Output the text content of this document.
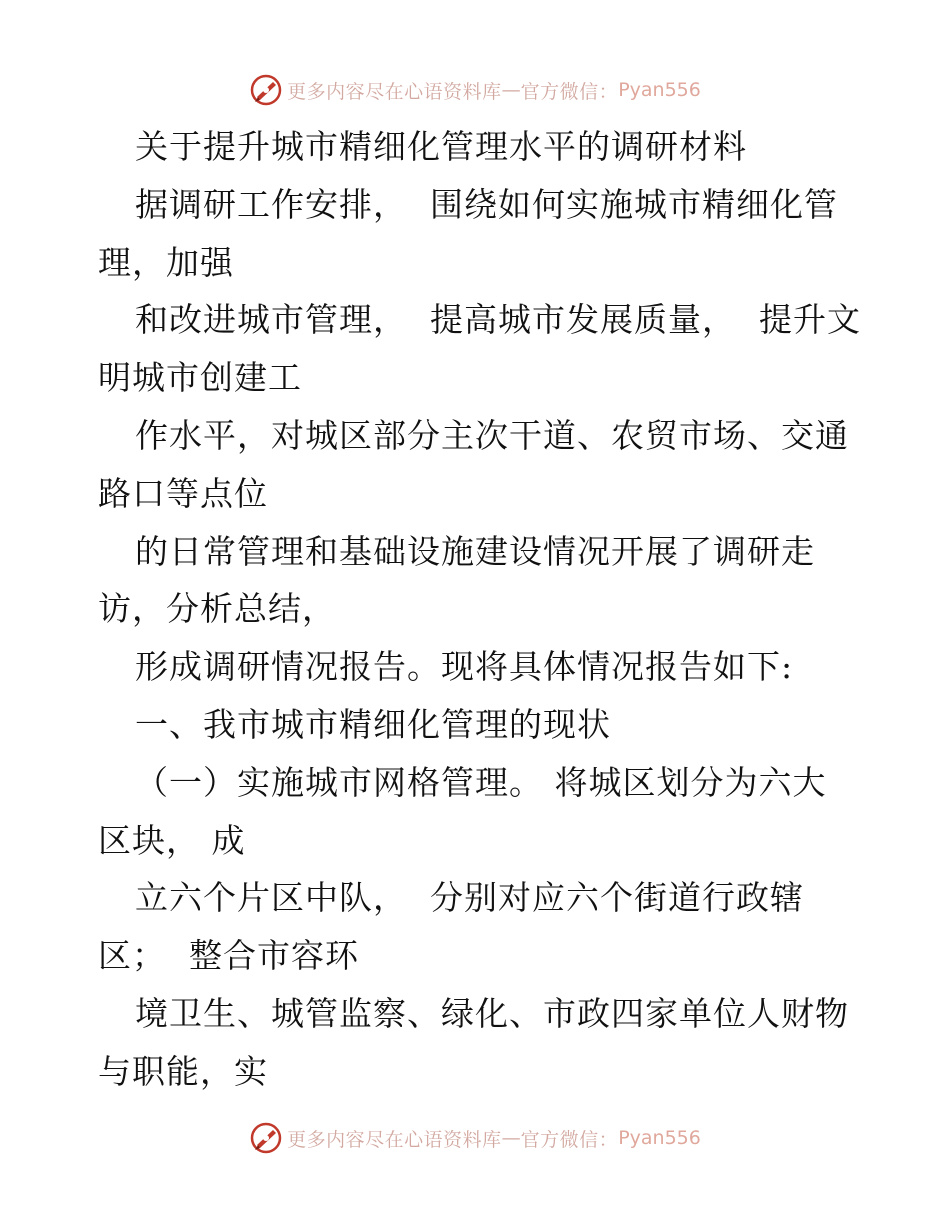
更多内容尽在心语资料库 — 官方微信： Pyan556
关于提升城市精细化管理水平的调研材料
据调研工作安排，  围绕如何实施城市精细化管
理，加强
和改进城市管理，  提高城市发展质量，  提升文
明城市创建工
作水平，对城区部分主次干道、农贸市场、交通
路口等点位
的日常管理和基础设施建设情况开展了调研走
访，分析总结，
形成调研情况报告。现将具体情况报告如下:
一、我市城市精细化管理的现状
（一）实施城市网格管理。 将城区划分为六大
区块， 成
立六个片区中队，  分别对应六个街道行政辖
区；  整合市容环
境卫生、城管监察、绿化、市政四家单位人财物
与职能，实
更多内容尽在心语资料库 — 官方微信： Pyan556
